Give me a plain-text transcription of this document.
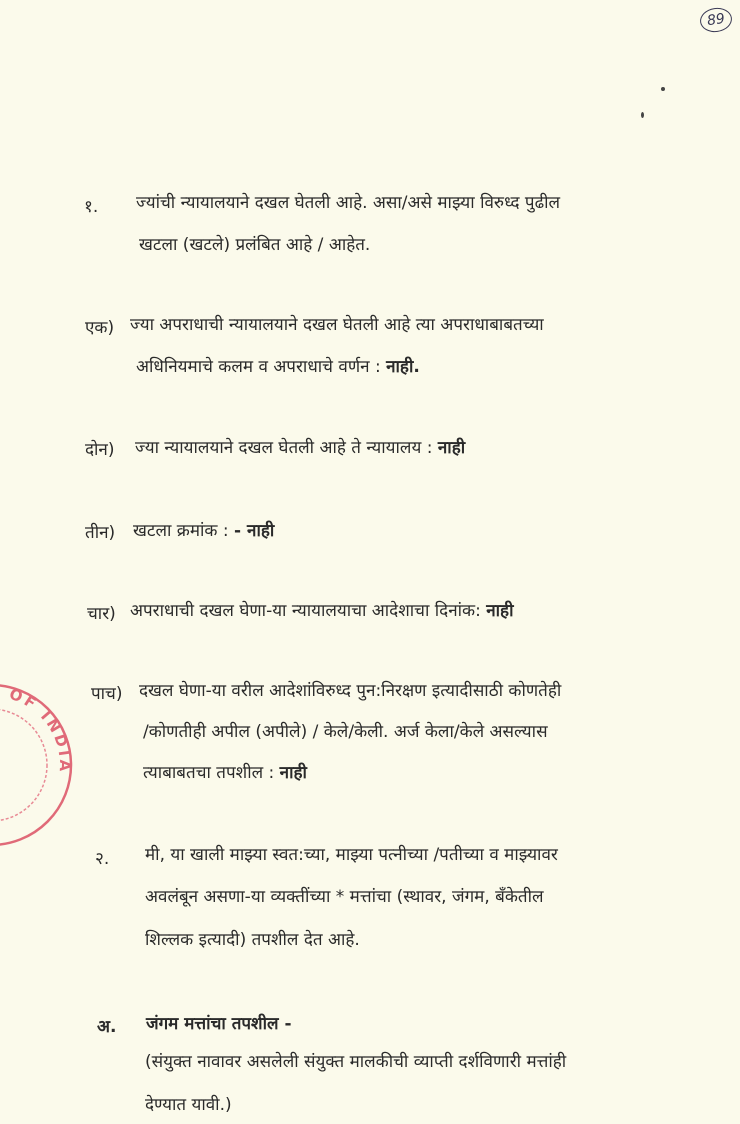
89
OF INDIA
१. ज्यांची न्यायालयाने दखल घेतली आहे. असा/असे माझ्या विरुध्द पुढील
खटला (खटले) प्रलंबित आहे / आहेत.
एक) ज्या अपराधाची न्यायालयाने दखल घेतली आहे त्या अपराधाबाबतच्या
अधिनियमाचे कलम व अपराधाचे वर्णन : नाही.
दोन) ज्या न्यायालयाने दखल घेतली आहे ते न्यायालय : नाही
तीन) खटला क्रमांक : - नाही
चार) अपराधाची दखल घेणा-या न्यायालयाचा आदेशाचा दिनांक: नाही
पाच) दखल घेणा-या वरील आदेशांविरुध्द पुन:निरक्षण इत्यादीसाठी कोणतेही
/कोणतीही अपील (अपीले) / केले/केली. अर्ज केला/केले असल्यास
त्याबाबतचा तपशील : नाही
२. मी, या खाली माझ्या स्वत:च्या, माझ्या पत्नीच्या /पतीच्या व माझ्यावर
अवलंबून असणा-या व्यक्तींच्या * मत्तांचा (स्थावर, जंगम, बॅंकेतील
शिल्लक इत्यादी) तपशील देत आहे.
अ. जंगम मत्तांचा तपशील -
(संयुक्त नावावर असलेली संयुक्त मालकीची व्याप्ती दर्शविणारी मत्तांही
देण्यात यावी.)
